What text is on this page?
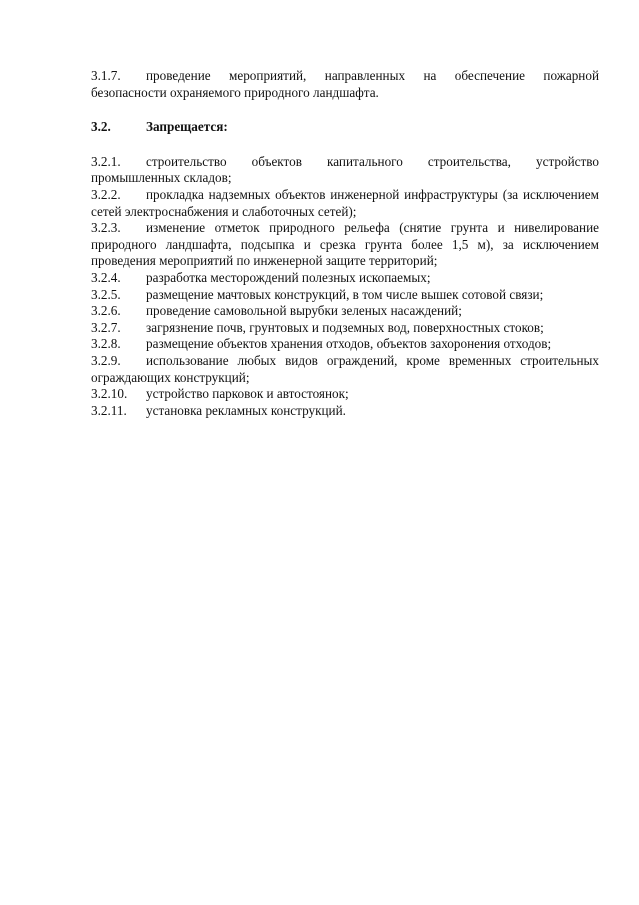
3.1.7. проведение мероприятий, направленных на обеспечение пожарной безопасности охраняемого природного ландшафта.

3.2.	Запрещается:

3.2.1. строительство объектов капитального строительства, устройство промышленных складов;

3.2.2. прокладка надземных объектов инженерной инфраструктуры (за исключением сетей электроснабжения и слаботочных сетей);

3.2.3. изменение отметок природного рельефа (снятие грунта и нивелирование природного ландшафта, подсыпка и срезка грунта более 1,5 м), за исключением проведения мероприятий по инженерной защите территорий;

3.2.4. разработка месторождений полезных ископаемых;

3.2.5. размещение мачтовых конструкций, в том числе вышек сотовой связи;

3.2.6. проведение самовольной вырубки зеленых насаждений;

3.2.7. загрязнение почв, грунтовых и подземных вод, поверхностных стоков;

3.2.8. размещение объектов хранения отходов, объектов захоронения отходов;

3.2.9. использование любых видов ограждений, кроме временных строительных ограждающих конструкций;

3.2.10. устройство парковок и автостоянок;

3.2.11. установка рекламных конструкций.
